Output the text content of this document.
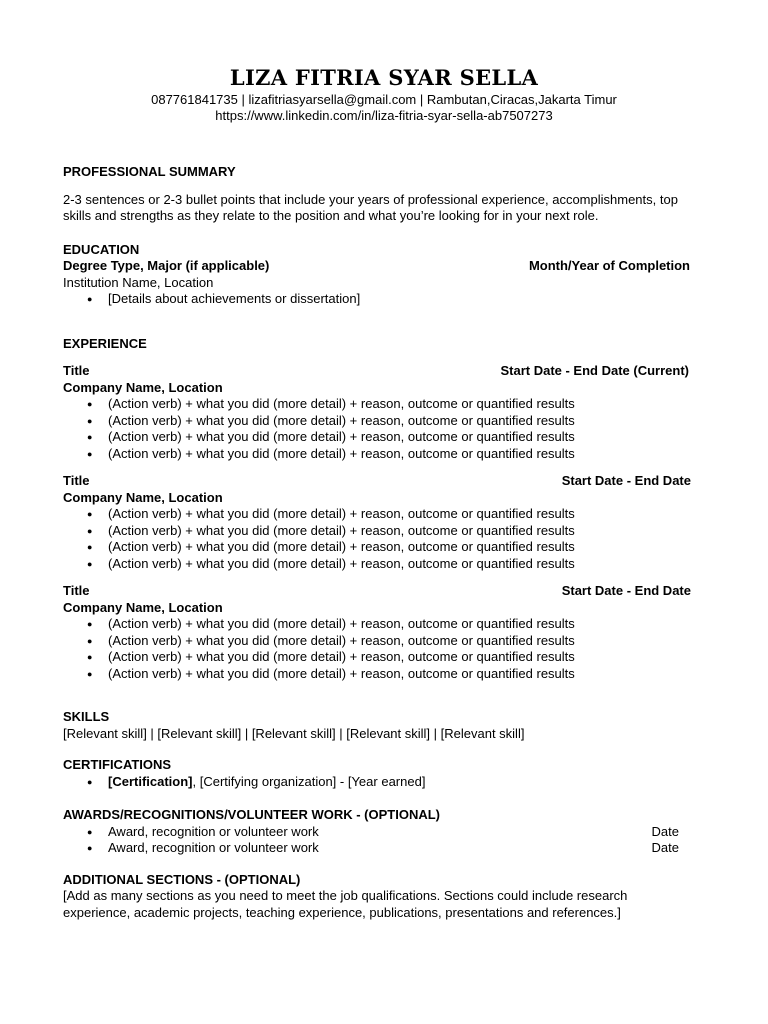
LIZA FITRIA SYAR SELLA
087761841735 | lizafitriasyarsella@gmail.com | Rambutan,Ciracas,Jakarta Timur
https://www.linkedin.com/in/liza-fitria-syar-sella-ab7507273
PROFESSIONAL SUMMARY
2-3 sentences or 2-3 bullet points that include your years of professional experience, accomplishments, top skills and strengths as they relate to the position and what you’re looking for in your next role.
EDUCATION
Degree Type, Major (if applicable)	Month/Year of Completion
Institution Name, Location
● [Details about achievements or dissertation]
EXPERIENCE
Title	Start Date - End Date (Current)
Company Name, Location
● (Action verb) + what you did (more detail) + reason, outcome or quantified results
● (Action verb) + what you did (more detail) + reason, outcome or quantified results
● (Action verb) + what you did (more detail) + reason, outcome or quantified results
● (Action verb) + what you did (more detail) + reason, outcome or quantified results
Title	Start Date - End Date
Company Name, Location
● (Action verb) + what you did (more detail) + reason, outcome or quantified results
● (Action verb) + what you did (more detail) + reason, outcome or quantified results
● (Action verb) + what you did (more detail) + reason, outcome or quantified results
● (Action verb) + what you did (more detail) + reason, outcome or quantified results
Title	Start Date - End Date
Company Name, Location
● (Action verb) + what you did (more detail) + reason, outcome or quantified results
● (Action verb) + what you did (more detail) + reason, outcome or quantified results
● (Action verb) + what you did (more detail) + reason, outcome or quantified results
● (Action verb) + what you did (more detail) + reason, outcome or quantified results
SKILLS
[Relevant skill] | [Relevant skill] | [Relevant skill] | [Relevant skill] | [Relevant skill]
CERTIFICATIONS
● [Certification], [Certifying organization] - [Year earned]
AWARDS/RECOGNITIONS/VOLUNTEER WORK - (OPTIONAL)
● Award, recognition or volunteer work	Date
● Award, recognition or volunteer work	Date
ADDITIONAL SECTIONS - (OPTIONAL)
[Add as many sections as you need to meet the job qualifications. Sections could include research experience, academic projects, teaching experience, publications, presentations and references.]
